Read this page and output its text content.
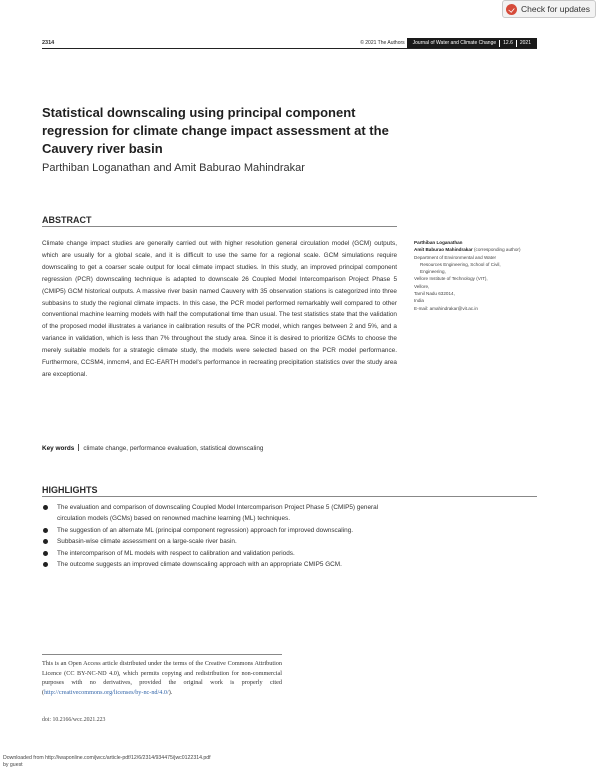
Check for updates
2314	© 2021 The Authors	Journal of Water and Climate Change	12.6	2021
Statistical downscaling using principal component
regression for climate change impact assessment at the
Cauvery river basin
Parthiban Loganathan and Amit Baburao Mahindrakar
ABSTRACT
Climate change impact studies are generally carried out with higher resolution general circulation model (GCM) outputs, which are usually for a global scale, and it is difficult to use the same for a regional scale. GCM simulations require downscaling to get a coarser scale output for local climate impact studies. In this study, an improved principal component regression (PCR) downscaling technique is adapted to downscale 26 Coupled Model Intercomparison Project Phase 5 (CMIP5) GCM historical outputs. A massive river basin named Cauvery with 35 observation stations is categorized into three subbasins to study the regional climate impacts. In this case, the PCR model performed remarkably well compared to other conventional machine learning models with half the computational time than usual. The test statistics state that the validation of the proposed model illustrates a variance in calibration results of the PCR model, which ranges between 2 and 5%, and a variance in validation, which is less than 7% throughout the study area. Since it is desired to prioritize GCMs to choose the merely suitable models for a strategic climate study, the models were selected based on the PCR model performance. Furthermore, CCSM4, inmcm4, and EC-EARTH model's performance in recreating precipitation statistics over the study area are exceptional.
Key words climate change, performance evaluation, statistical downscaling
Parthiban Loganathan
Amit Baburao Mahindrakar (corresponding author)
Department of Environmental and Water
Resources Engineering, School of Civil,
Engineering,
Vellore Institute of Technology (VIT),
Vellore,
Tamil Nadu 632014,
India
E-mail: amahindrakar@vit.ac.in
HIGHLIGHTS
The evaluation and comparison of downscaling Coupled Model Intercomparison Project Phase 5 (CMIP5) general circulation models (GCMs) based on renowned machine learning (ML) techniques.
The suggestion of an alternate ML (principal component regression) approach for improved downscaling.
Subbasin-wise climate assessment on a large-scale river basin.
The intercomparison of ML models with respect to calibration and validation periods.
The outcome suggests an improved climate downscaling approach with an appropriate CMIP5 GCM.
This is an Open Access article distributed under the terms of the Creative Commons Attribution Licence (CC BY-NC-ND 4.0), which permits copying and redistribution for non-commercial purposes with no derivatives, provided the original work is properly cited (http://creativecommons.org/licenses/by-nc-nd/4.0/).
doi: 10.2166/wcc.2021.223
Downloaded from http://iwaponline.com/jwcc/article-pdf/12/6/2314/934475/jwc0122314.pdf
by guest
